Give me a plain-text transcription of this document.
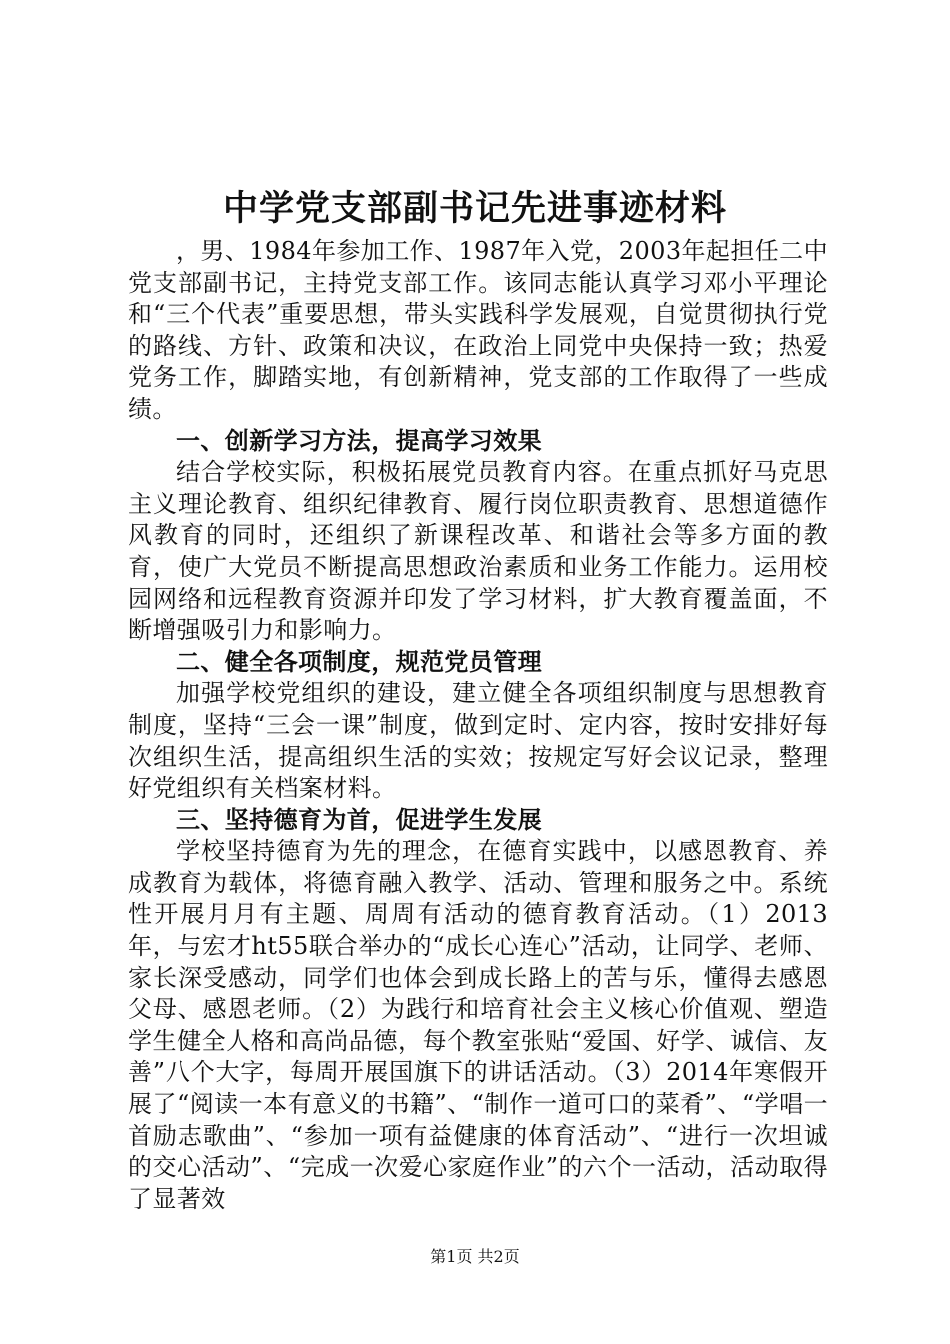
中学党支部副书记先进事迹材料

，男、1984年参加工作、1987年入党，2003年起担任二中党支部副书记，主持党支部工作。该同志能认真学习邓小平理论和“三个代表”重要思想，带头实践科学发展观，自觉贯彻执行党的路线、方针、政策和决议，在政治上同党中央保持一致；热爱党务工作，脚踏实地，有创新精神，党支部的工作取得了一些成绩。

一、创新学习方法，提高学习效果

结合学校实际，积极拓展党员教育内容。在重点抓好马克思主义理论教育、组织纪律教育、履行岗位职责教育、思想道德作风教育的同时，还组织了新课程改革、和谐社会等多方面的教育，使广大党员不断提高思想政治素质和业务工作能力。运用校园网络和远程教育资源并印发了学习材料，扩大教育覆盖面，不断增强吸引力和影响力。

二、健全各项制度，规范党员管理

加强学校党组织的建设，建立健全各项组织制度与思想教育制度，坚持“三会一课”制度，做到定时、定内容，按时安排好每次组织生活，提高组织生活的实效；按规定写好会议记录，整理好党组织有关档案材料。

三、坚持德育为首，促进学生发展

学校坚持德育为先的理念，在德育实践中，以感恩教育、养成教育为载体，将德育融入教学、活动、管理和服务之中。系统性开展月月有主题、周周有活动的德育教育活动。（1）2013年，与宏才ht55联合举办的“成长心连心”活动，让同学、老师、家长深受感动，同学们也体会到成长路上的苦与乐，懂得去感恩父母、感恩老师。（2）为践行和培育社会主义核心价值观、塑造学生健全人格和高尚品德，每个教室张贴“爱国、好学、诚信、友善”八个大字，每周开展国旗下的讲话活动。（3）2014年寒假开展了“阅读一本有意义的书籍”、“制作一道可口的菜肴”、“学唱一首励志歌曲”、“参加一项有益健康的体育活动”、“进行一次坦诚的交心活动”、“完成一次爱心家庭作业”的六个一活动，活动取得了显著效

第1页 共2页
